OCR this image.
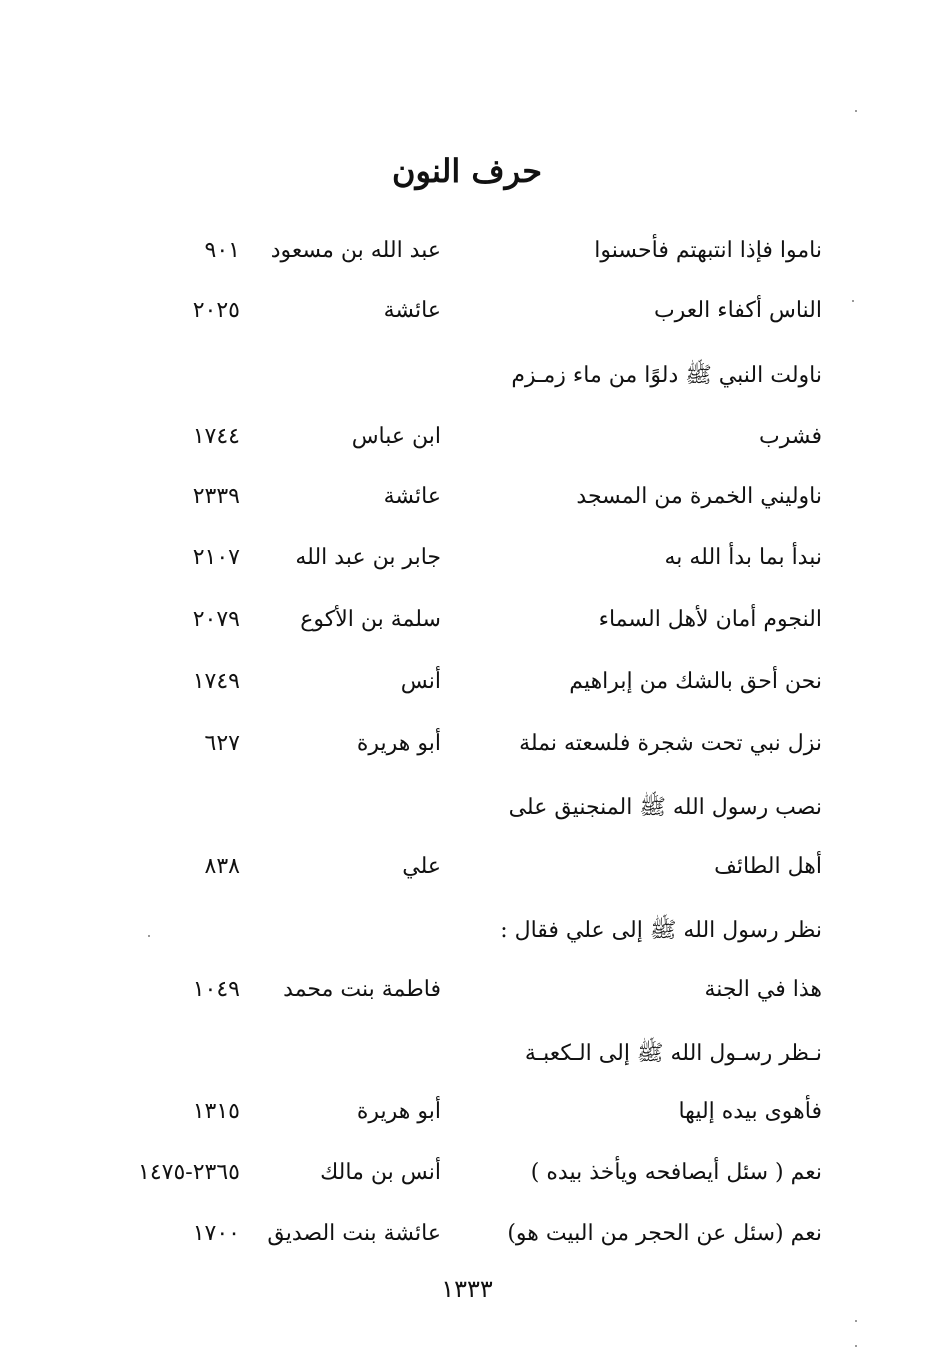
حرف النون
ناموا فإذا انتبهتم فأحسنوا
عبد الله بن مسعود
٩٠١
الناس أكفاء العرب
عائشة
٢٠٢٥
ناولت النبي ﷺ دلوًا من ماء زمـزم
فشرب
ابن عباس
١٧٤٤
ناوليني الخمرة من المسجد
عائشة
٢٣٣٩
نبدأ بما بدأ الله به
جابر بن عبد الله
٢١٠٧
النجوم أمان لأهل السماء
سلمة بن الأكوع
٢٠٧٩
نحن أحق بالشك من إبراهيم
أنس
١٧٤٩
نزل نبي تحت شجرة فلسعته نملة
أبو هريرة
٦٢٧
نصب رسول الله ﷺ المنجنيق على
أهل الطائف
علي
٨٣٨
نظر رسول الله ﷺ إلى علي فقال :
هذا في الجنة
فاطمة بنت محمد
١٠٤٩
نـظر رسـول الله ﷺ إلى الـكعبـة
فأهوى بيده إليها
أبو هريرة
١٣١٥
نعم ( سئل أيصافحه ويأخذ بيده )
أنس بن مالك
٢٣٦٥-١٤٧٥
نعم (سئل عن الحجر من البيت هو)
عائشة بنت الصديق
١٧٠٠
١٣٣٣
